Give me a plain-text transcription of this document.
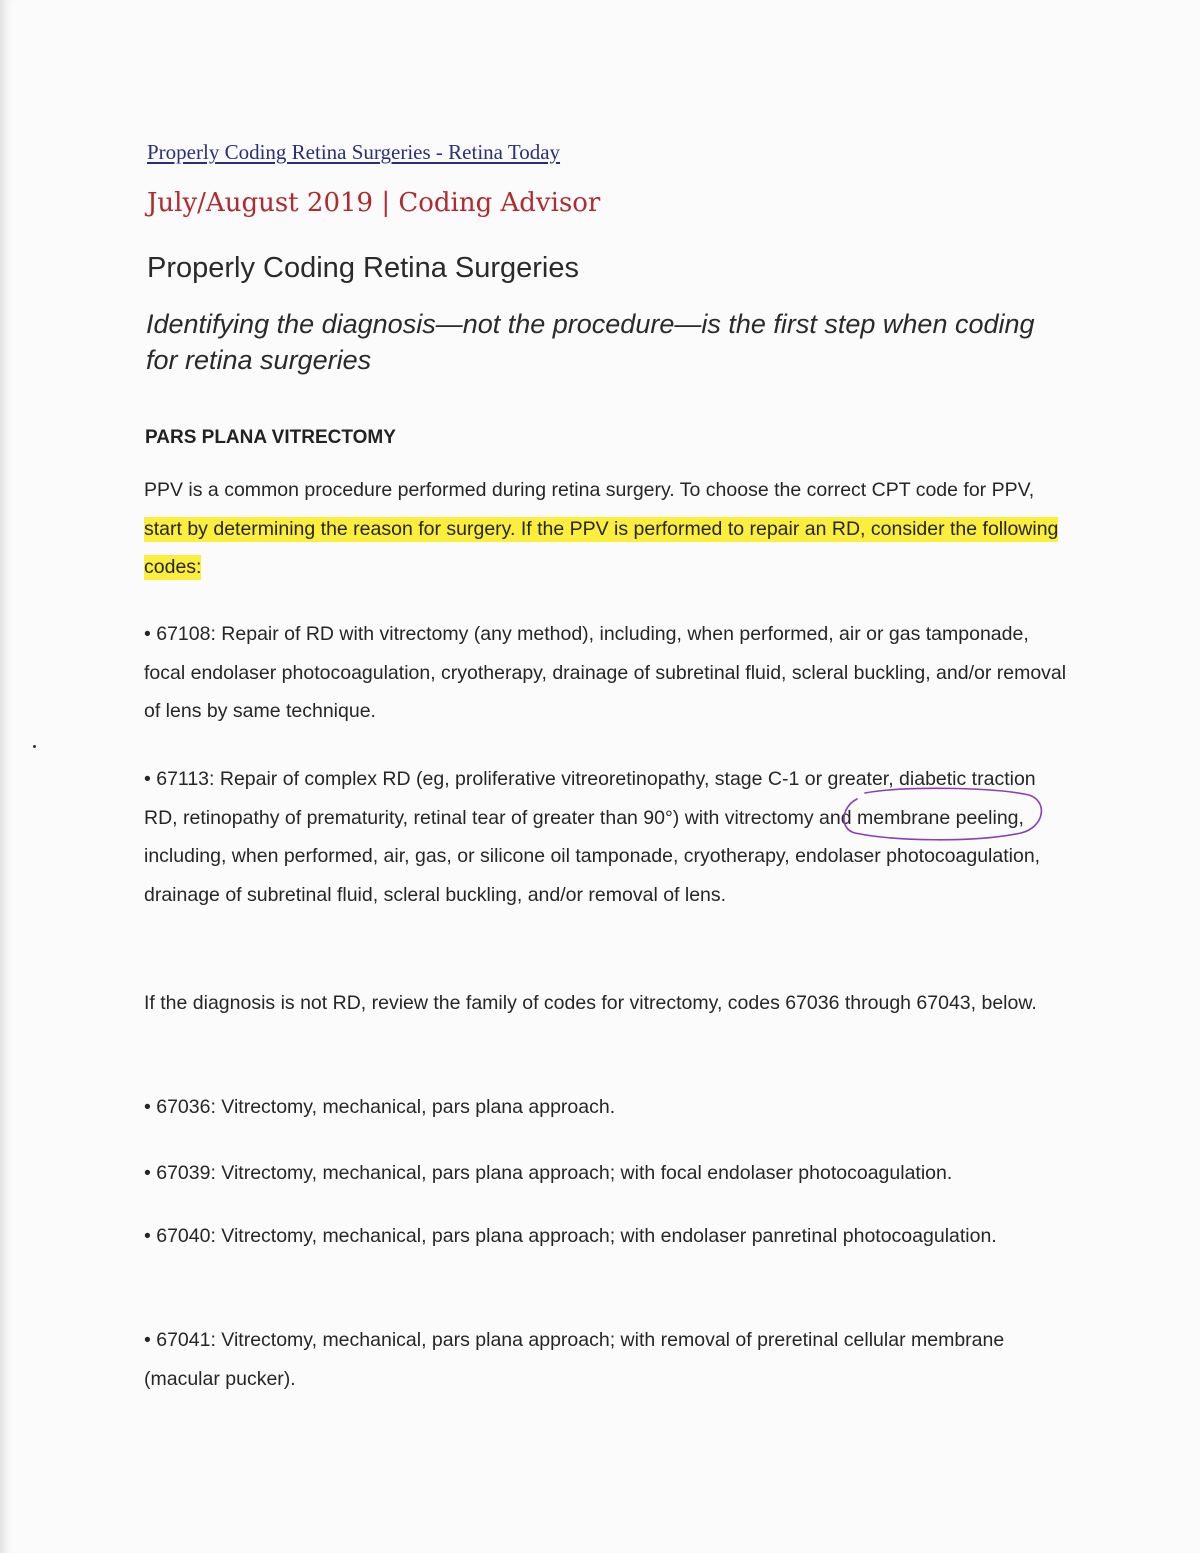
Properly Coding Retina Surgeries - Retina Today
July/August 2019 | Coding Advisor
Properly Coding Retina Surgeries

Identifying the diagnosis—not the procedure—is the first step when coding for retina surgeries

PARS PLANA VITRECTOMY

PPV is a common procedure performed during retina surgery. To choose the correct CPT code for PPV, start by determining the reason for surgery. If the PPV is performed to repair an RD, consider the following codes:

• 67108: Repair of RD with vitrectomy (any method), including, when performed, air or gas tamponade, focal endolaser photocoagulation, cryotherapy, drainage of subretinal fluid, scleral buckling, and/or removal of lens by same technique.

• 67113: Repair of complex RD (eg, proliferative vitreoretinopathy, stage C-1 or greater, diabetic traction RD, retinopathy of prematurity, retinal tear of greater than 90°) with vitrectomy and membrane peeling
, including, when performed, air, gas, or silicone oil tamponade, cryotherapy, endolaser photocoagulation, drainage of subretinal fluid, scleral buckling, and/or removal of lens.

If the diagnosis is not RD, review the family of codes for vitrectomy, codes 67036 through 67043, below.

• 67036: Vitrectomy, mechanical, pars plana approach.

• 67039: Vitrectomy, mechanical, pars plana approach; with focal endolaser photocoagulation.

• 67040: Vitrectomy, mechanical, pars plana approach; with endolaser panretinal photocoagulation.

• 67041: Vitrectomy, mechanical, pars plana approach; with removal of preretinal cellular membrane (macular pucker).
